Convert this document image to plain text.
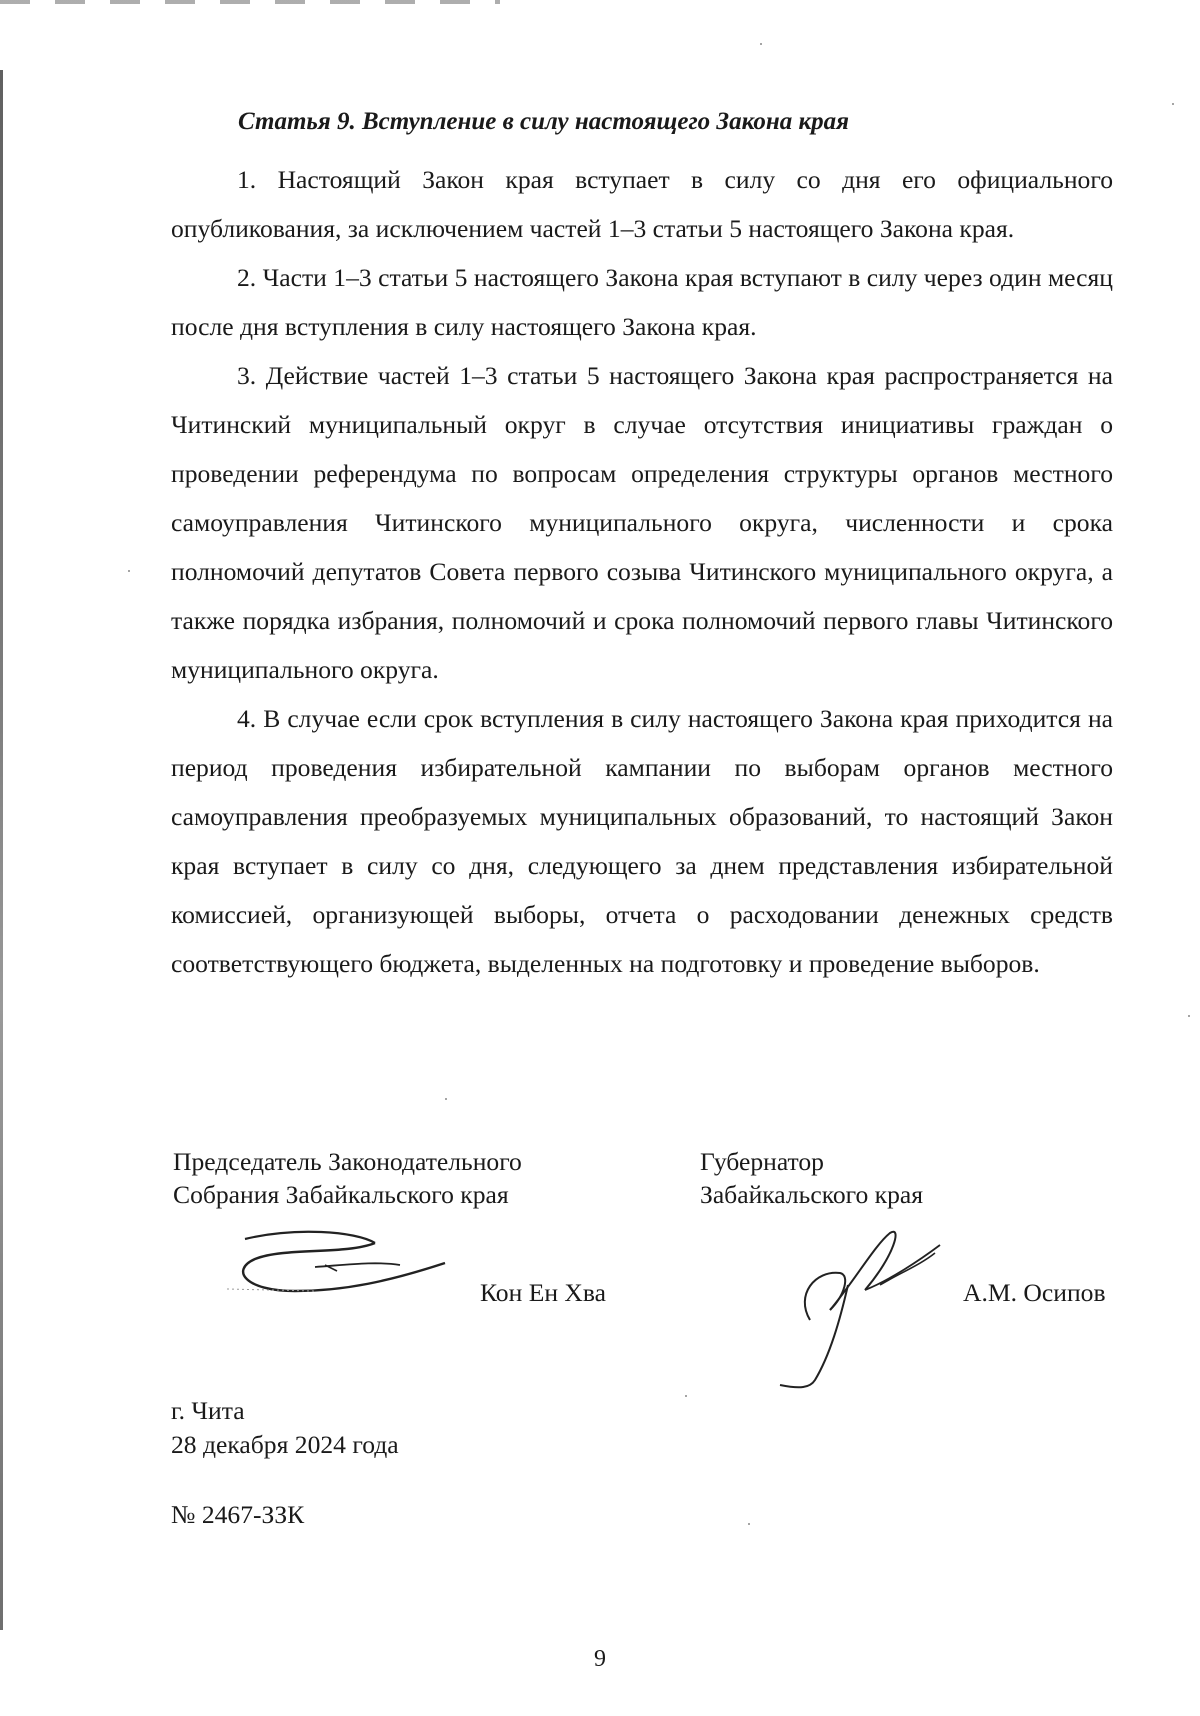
Статья 9. Вступление в силу настоящего Закона края

1. Настоящий Закон края вступает в силу со дня его официального опубликования, за исключением частей 1–3 статьи 5 настоящего Закона края.

2. Части 1–3 статьи 5 настоящего Закона края вступают в силу через один месяц после дня вступления в силу настоящего Закона края.

3. Действие частей 1–3 статьи 5 настоящего Закона края распространяется на Читинский муниципальный округ в случае отсутствия инициативы граждан о проведении референдума по вопросам определения структуры органов местного самоуправления Читинского муниципального округа, численности и срока полномочий депутатов Совета первого созыва Читинского муниципального округа, а также порядка избрания, полномочий и срока полномочий первого главы Читинского муниципального округа.

4. В случае если срок вступления в силу настоящего Закона края приходится на период проведения избирательной кампании по выборам органов местного самоуправления преобразуемых муниципальных образований, то настоящий Закон края вступает в силу со дня, следующего за днем представления избирательной комиссией, организующей выборы, отчета о расходовании денежных средств соответствующего бюджета, выделенных на подготовку и проведение выборов.

Председатель Законодательного
Собрания Забайкальского края
Кон Ен Хва
Губернатор
Забайкальского края
А.М. Осипов
г. Чита
28 декабря 2024 года
№ 2467-ЗЗК
9
